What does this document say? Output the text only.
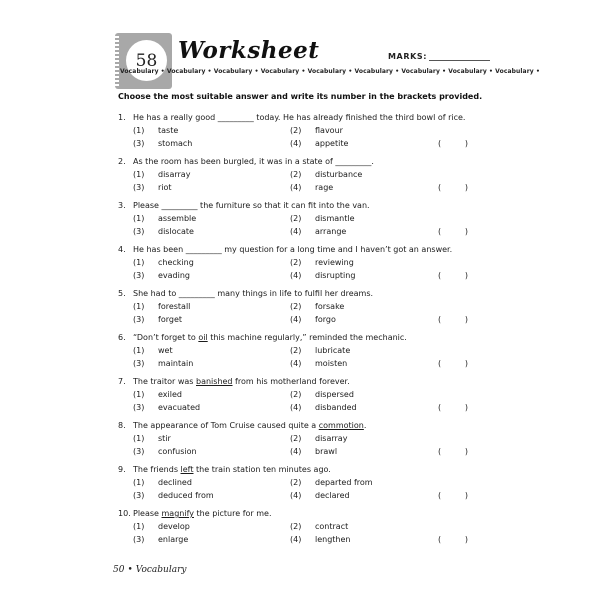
58 Worksheet	MARKS:
Vocabulary • Vocabulary • Vocabulary • Vocabulary • Vocabulary • Vocabulary • Vocabulary • Vocabulary • Vocabulary •
Choose the most suitable answer and write its number in the brackets provided.
1. He has a really good _________ today. He has already finished the third bowl of rice.
(1)	taste	(2)	flavour
(3)	stomach	(4)	appetite	(	)
2. As the room has been burgled, it was in a state of _________.
(1)	disarray	(2)	disturbance
(3)	riot	(4)	rage	(	)
3. Please _________ the furniture so that it can fit into the van.
(1)	assemble	(2)	dismantle
(3)	dislocate	(4)	arrange	(	)
4. He has been _________ my question for a long time and I haven’t got an answer.
(1)	checking	(2)	reviewing
(3)	evading	(4)	disrupting	(	)
5. She had to _________ many things in life to fulfil her dreams.
(1)	forestall	(2)	forsake
(3)	forget	(4)	forgo	(	)
6. “Don’t forget to oil this machine regularly,” reminded the mechanic.
(1)	wet	(2)	lubricate
(3)	maintain	(4)	moisten	(	)
7. The traitor was banished from his motherland forever.
(1)	exiled	(2)	dispersed
(3)	evacuated	(4)	disbanded	(	)
8. The appearance of Tom Cruise caused quite a commotion.
(1)	stir	(2)	disarray
(3)	confusion	(4)	brawl	(	)
9. The friends left the train station ten minutes ago.
(1)	declined	(2)	departed from
(3)	deduced from	(4)	declared	(	)
10. Please magnify the picture for me.
(1)	develop	(2)	contract
(3)	enlarge	(4)	lengthen	(	)
50 • Vocabulary
